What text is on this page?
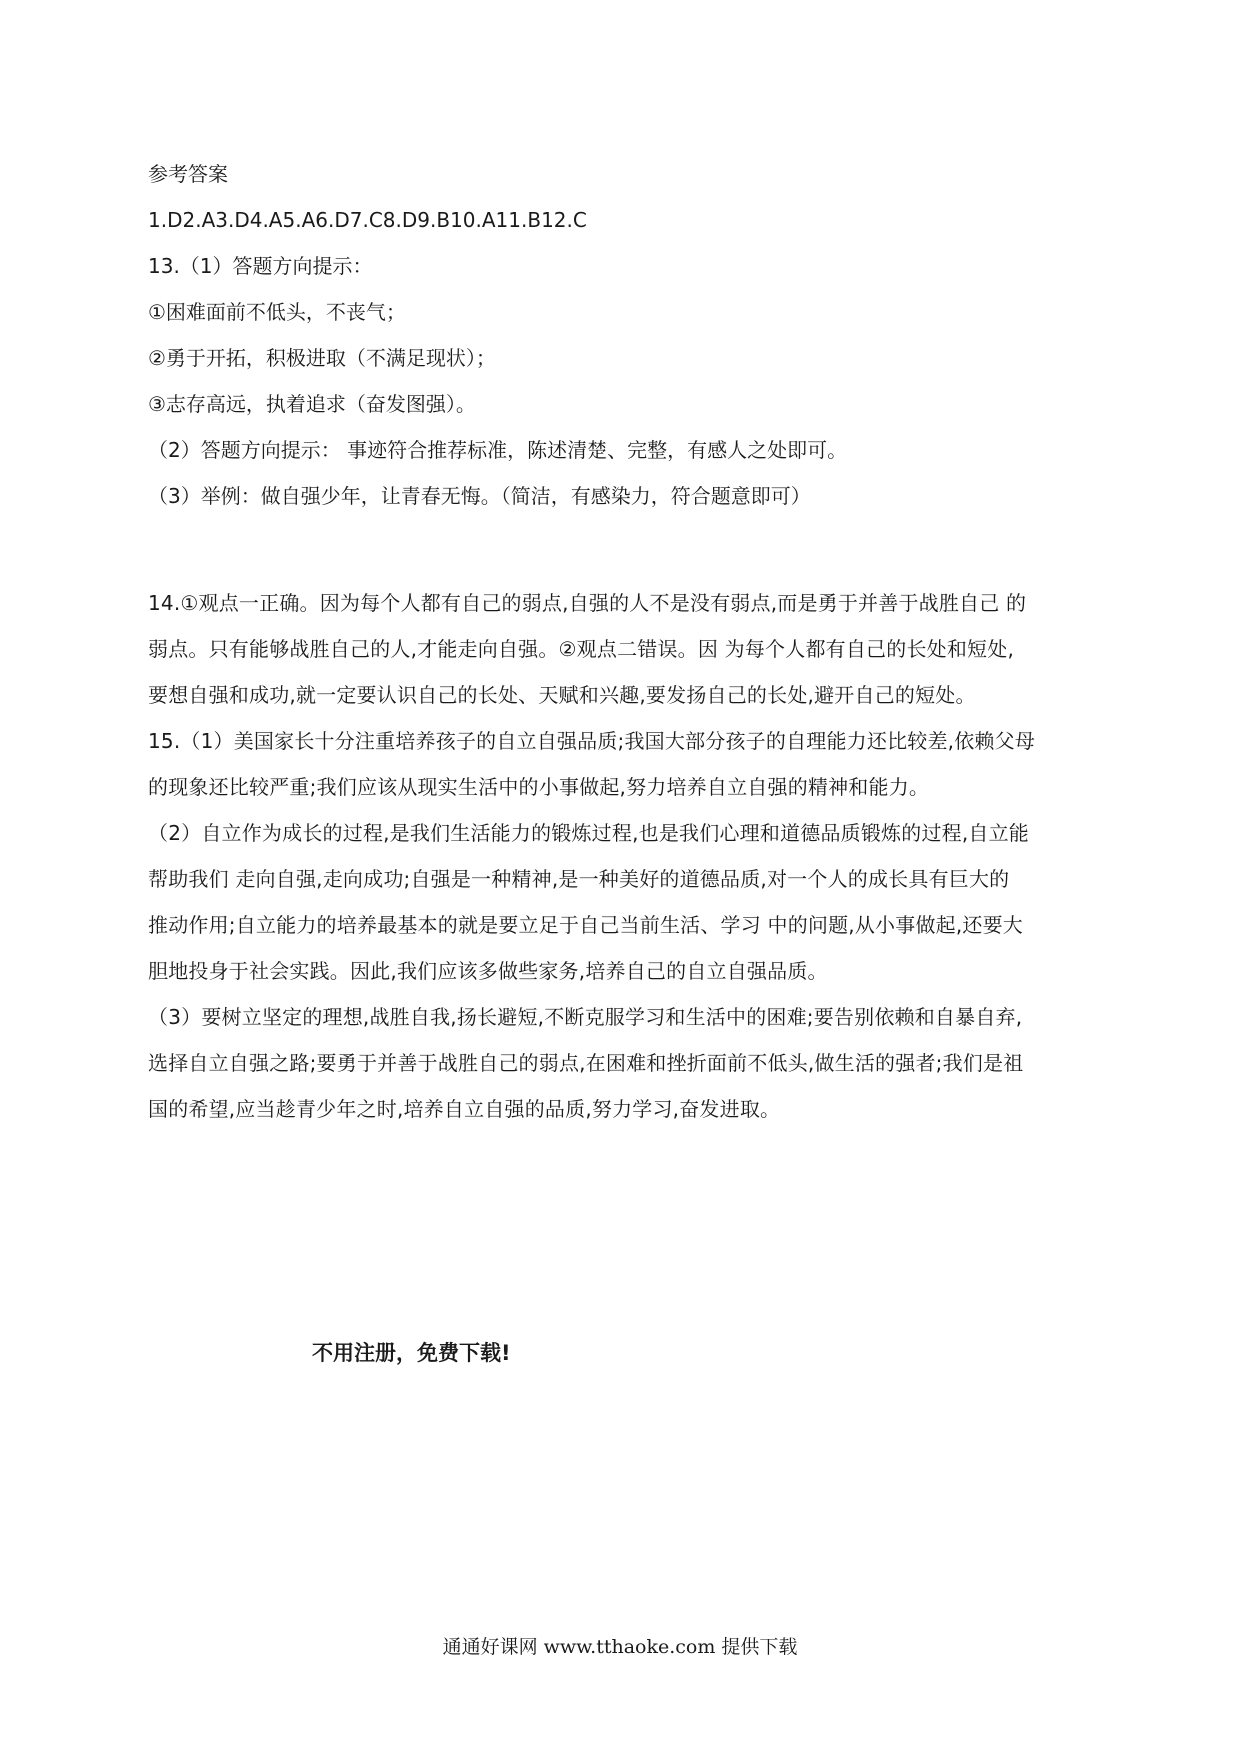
参考答案
1.D2.A3.D4.A5.A6.D7.C8.D9.B10.A11.B12.C
13.（1）答题方向提示：
①困难面前不低头，不丧气；
②勇于开拓，积极进取（不满足现状）；
③志存高远，执着追求（奋发图强）。
（2）答题方向提示： 事迹符合推荐标准，陈述清楚、完整，有感人之处即可。
（3）举例：做自强少年，让青春无悔。（简洁，有感染力，符合题意即可）
14.①观点一正确。因为每个人都有自己的弱点,自强的人不是没有弱点,而是勇于并善于战胜自己 的
弱点。只有能够战胜自己的人,才能走向自强。②观点二错误。因 为每个人都有自己的长处和短处,
要想自强和成功,就一定要认识自己的长处、天赋和兴趣,要发扬自己的长处,避开自己的短处。
15.（1）美国家长十分注重培养孩子的自立自强品质;我国大部分孩子的自理能力还比较差,依赖父母
的现象还比较严重;我们应该从现实生活中的小事做起,努力培养自立自强的精神和能力。
（2）自立作为成长的过程,是我们生活能力的锻炼过程,也是我们心理和道德品质锻炼的过程,自立能
帮助我们 走向自强,走向成功;自强是一种精神,是一种美好的道德品质,对一个人的成长具有巨大的
推动作用;自立能力的培养最基本的就是要立足于自己当前生活、学习 中的问题,从小事做起,还要大
胆地投身于社会实践。因此,我们应该多做些家务,培养自己的自立自强品质。
（3）要树立坚定的理想,战胜自我,扬长避短,不断克服学习和生活中的困难;要告别依赖和自暴自弃,
选择自立自强之路;要勇于并善于战胜自己的弱点,在困难和挫折面前不低头,做生活的强者;我们是祖
国的希望,应当趁青少年之时,培养自立自强的品质,努力学习,奋发进取。
不用注册，免费下载!
通通好课网 www.tthaoke.com 提供下载
